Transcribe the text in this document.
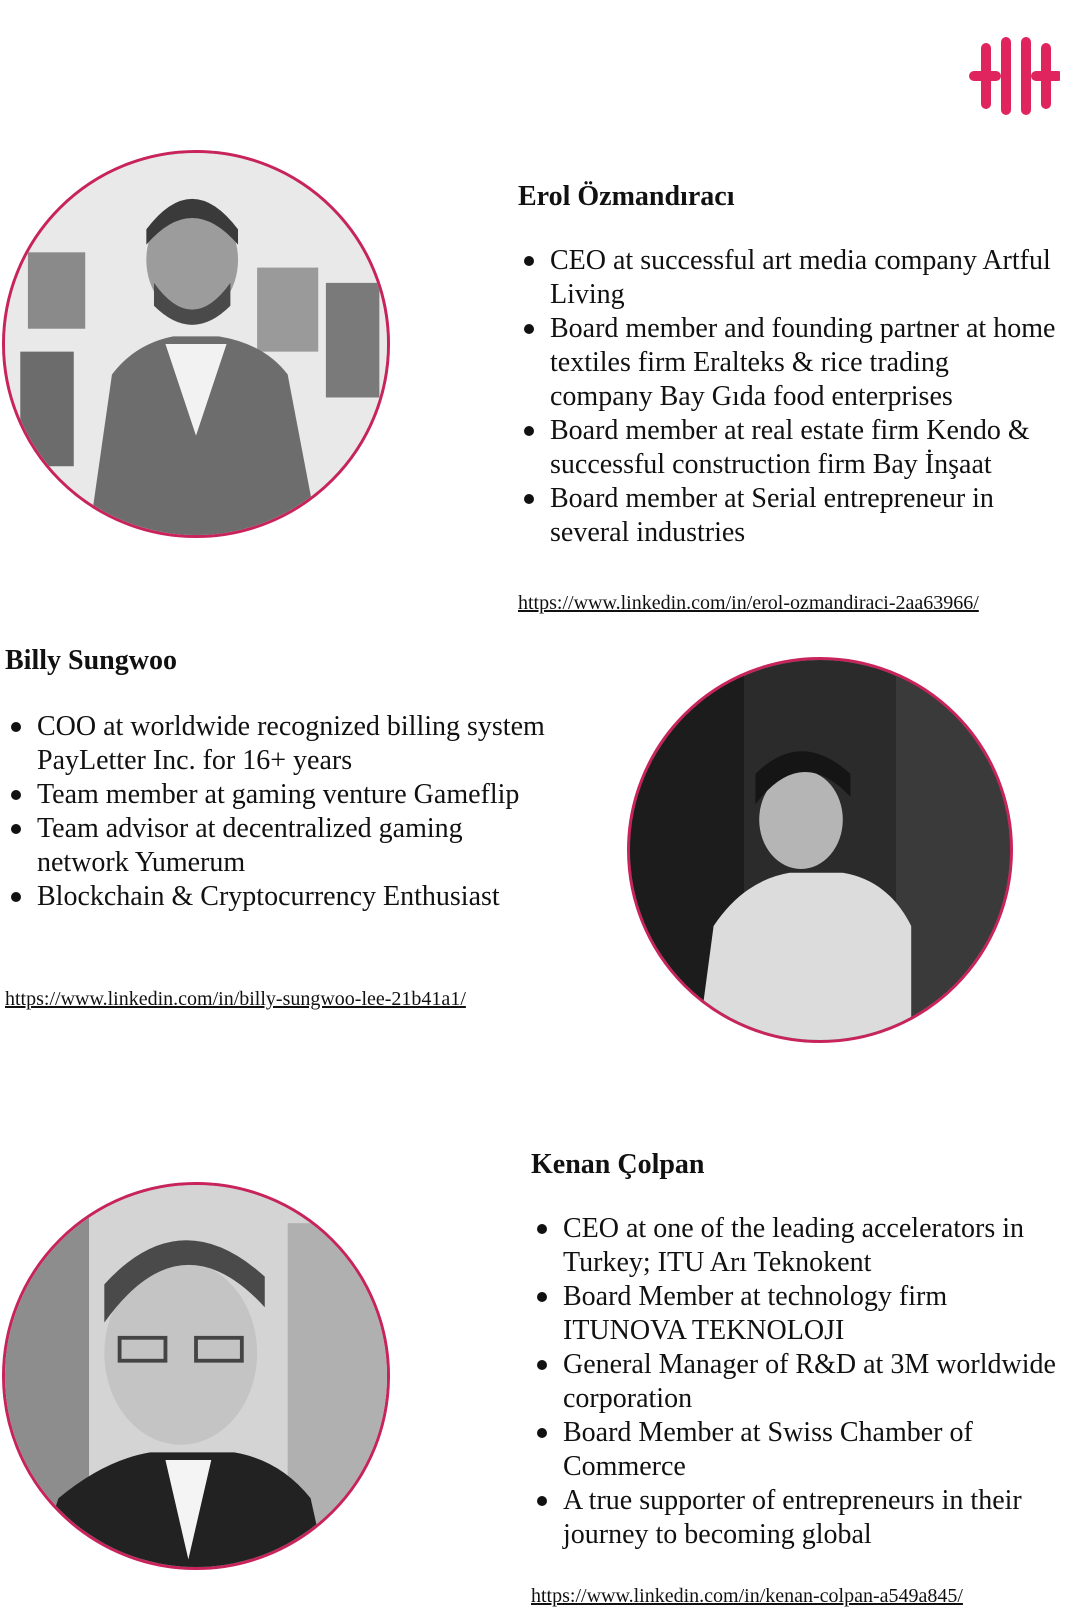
Erol Özmandıracı

CEO at successful art media company Artful Living
Board member and founding partner at home textiles firm Eralteks & rice trading company Bay Gıda food enterprises
Board member at real estate firm Kendo & successful construction firm Bay İnşaat
Board member at Serial entrepreneur in several industries
https://www.linkedin.com/in/erol-ozmandiraci-2aa63966/

Billy Sungwoo

COO at worldwide recognized billing system PayLetter Inc. for 16+ years
Team member at gaming venture Gameflip
Team advisor at decentralized gaming network Yumerum
Blockchain & Cryptocurrency Enthusiast
https://www.linkedin.com/in/billy-sungwoo-lee-21b41a1/

Kenan Çolpan

CEO at one of the leading accelerators in Turkey; ITU Arı Teknokent
Board Member at technology firm ITUNOVA TEKNOLOJI
General Manager of R&D at 3M worldwide corporation
Board Member at Swiss Chamber of Commerce
A true supporter of entrepreneurs in their journey to becoming global
https://www.linkedin.com/in/kenan-colpan-a549a845/
